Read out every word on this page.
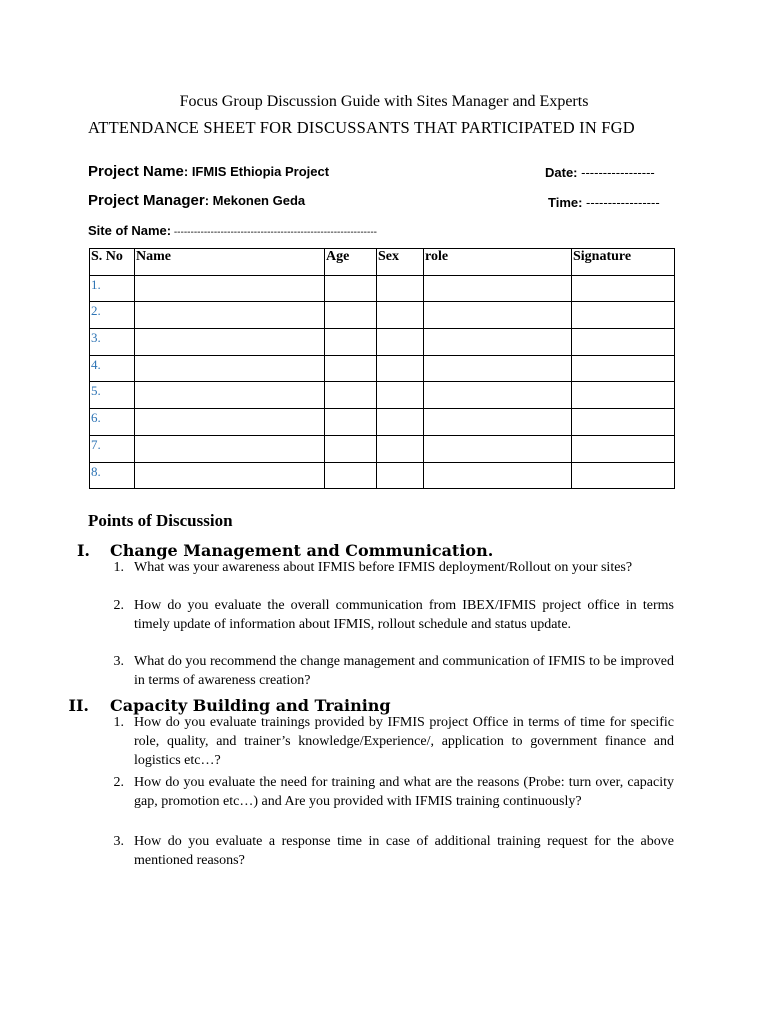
Focus Group Discussion Guide with Sites Manager and Experts
ATTENDANCE SHEET FOR DISCUSSANTS THAT PARTICIPATED IN FGD
Project Name: IFMIS Ethiopia Project	Date: -----------------
Project Manager: Mekonen Geda	Time: -----------------
Site of Name: -------------------------------------------------------------
S. No	Name	Age	Sex	role	Signature
1.					
2.					
3.					
4.					
5.					
6.					
7.					
8.					
Points of Discussion
I. Change Management and Communication.
1. What was your awareness about IFMIS before IFMIS deployment/Rollout on your sites?
2. How do you evaluate the overall communication from IBEX/IFMIS project office in terms timely update of information about IFMIS, rollout schedule and status update.
3. What do you recommend the change management and communication of IFMIS to be improved in terms of awareness creation?
II. Capacity Building and Training
1. How do you evaluate trainings provided by IFMIS project Office in terms of time for specific role, quality, and trainer’s knowledge/Experience/, application to government finance and logistics etc…?
2. How do you evaluate the need for training and what are the reasons (Probe: turn over, capacity gap, promotion etc…) and Are you provided with IFMIS training continuously?
3. How do you evaluate a response time in case of additional training request for the above mentioned reasons?
